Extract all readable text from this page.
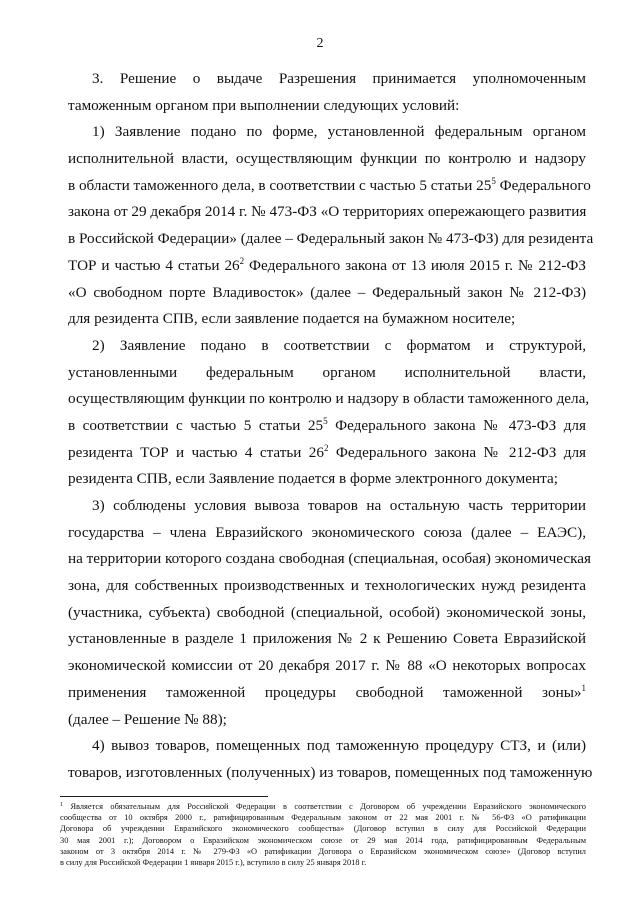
2
3. Решение о выдаче Разрешения принимается уполномоченным
таможенным органом при выполнении следующих условий:
1) Заявление подано по форме, установленной федеральным органом
исполнительной власти, осуществляющим функции по контролю и надзору
в области таможенного дела, в соответствии с частью 5 статьи $25^5$ Федерального
закона от 29 декабря 2014 г. № 473-ФЗ «О территориях опережающего развития
в Российской Федерации» (далее – Федеральный закон № 473-ФЗ) для резидента
ТОР и частью 4 статьи $26^2$ Федерального закона от 13 июля 2015 г. № 212-ФЗ
«О свободном порте Владивосток» (далее – Федеральный закон № 212-ФЗ)
для резидента СПВ, если заявление подается на бумажном носителе;
2) Заявление подано в соответствии с форматом и структурой,
установленными федеральным органом исполнительной власти,
осуществляющим функции по контролю и надзору в области таможенного дела,
в соответствии с частью 5 статьи $25^5$ Федерального закона № 473-ФЗ для
резидента ТОР и частью 4 статьи $26^2$ Федерального закона № 212-ФЗ для
резидента СПВ, если Заявление подается в форме электронного документа;
3) соблюдены условия вывоза товаров на остальную часть территории
государства – члена Евразийского экономического союза (далее – ЕАЭС),
на территории которого создана свободная (специальная, особая) экономическая
зона, для собственных производственных и технологических нужд резидента
(участника, субъекта) свободной (специальной, особой) экономической зоны,
установленные в разделе 1 приложения № 2 к Решению Совета Евразийской
экономической комиссии от 20 декабря 2017 г. № 88 «О некоторых вопросах
применения таможенной процедуры свободной таможенной зоны»$^1$
(далее – Решение № 88);
4) вывоз товаров, помещенных под таможенную процедуру СТЗ, и (или)
товаров, изготовленных (полученных) из товаров, помещенных под таможенную
$^1$ Является обязательным для Российской Федерации в соответствии с Договором об учреждении Евразийского экономического
сообщества от 10 октября 2000 г., ратифицированным Федеральным законом от 22 мая 2001 г. № 56-ФЗ «О ратификации
Договора об учреждении Евразийского экономического сообщества» (Договор вступил в силу для Российской Федерации
30 мая 2001 г.); Договором о Евразийском экономическом союзе от 29 мая 2014 года, ратифицированным Федеральным
законом от 3 октября 2014 г. № 279-ФЗ «О ратификации Договора о Евразийском экономическом союзе» (Договор вступил
в силу для Российской Федерации 1 января 2015 г.), вступило в силу 25 января 2018 г.
